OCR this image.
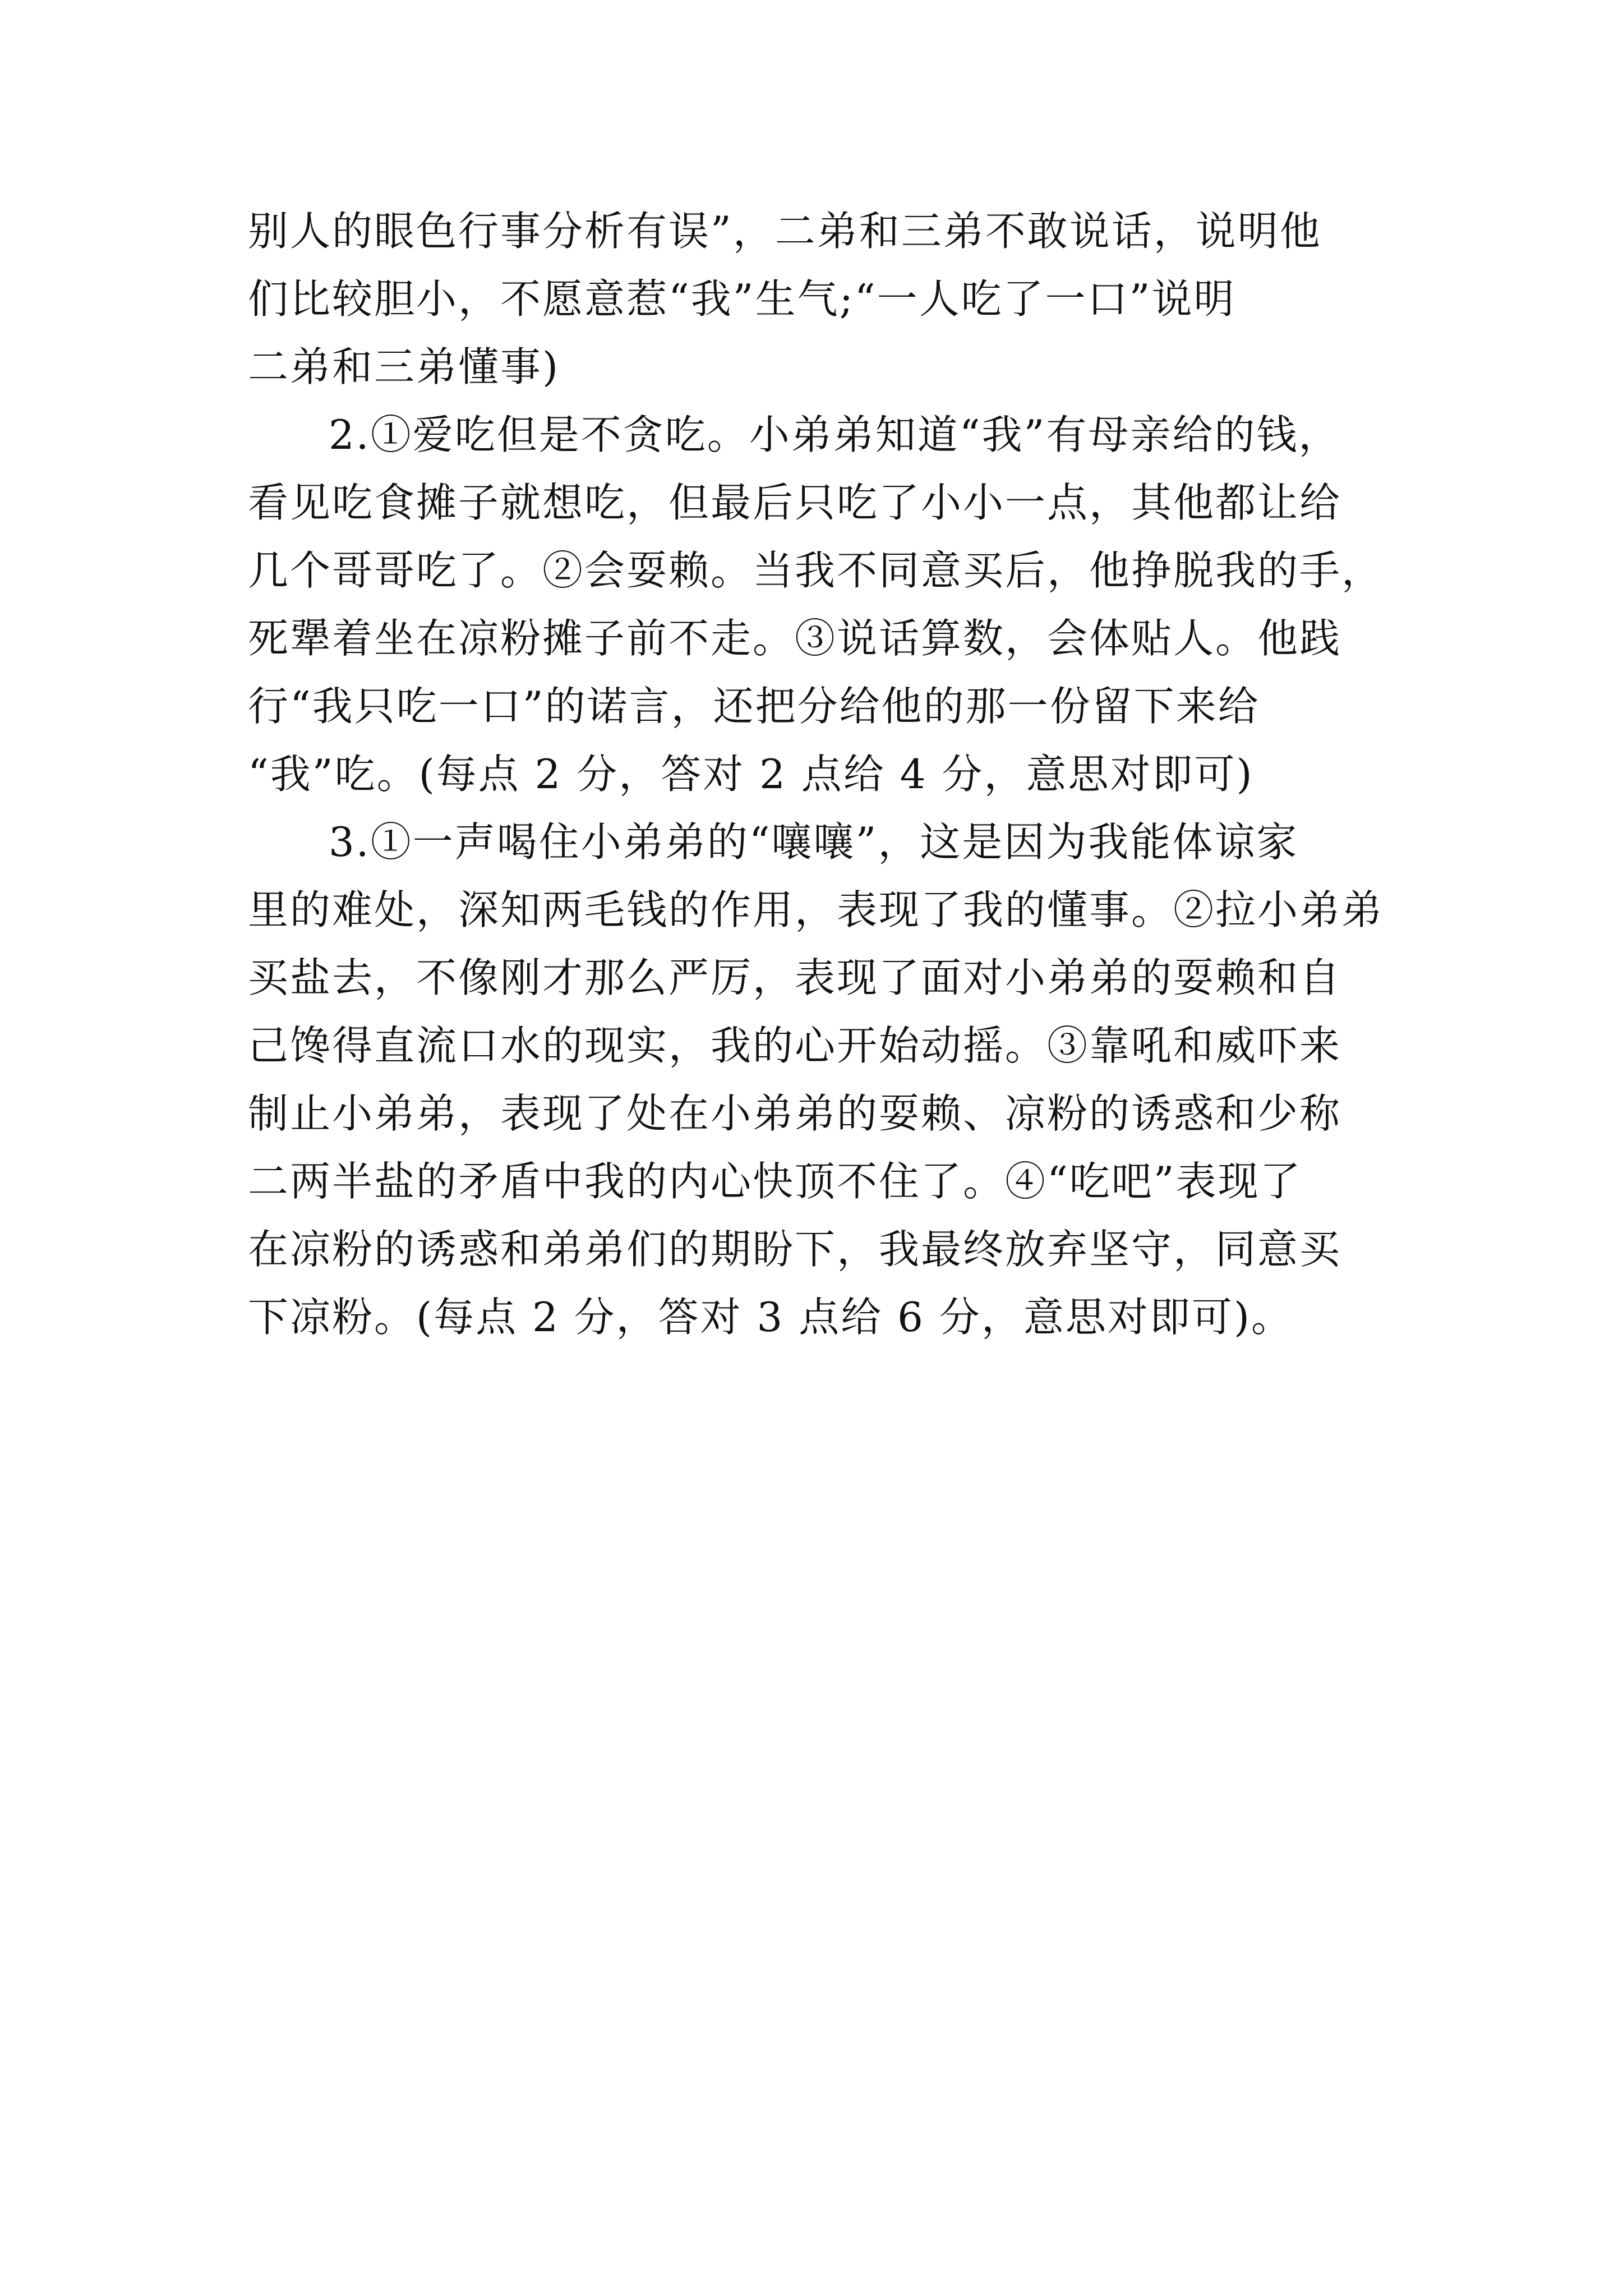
别人的眼色行事分析有误”，二弟和三弟不敢说话，说明他
们比较胆小，不愿意惹“我”生气;“一人吃了一口”说明
二弟和三弟懂事)

2.①爱吃但是不贪吃。小弟弟知道“我”有母亲给的钱，
看见吃食摊子就想吃，但最后只吃了小小一点，其他都让给
几个哥哥吃了。②会耍赖。当我不同意买后，他挣脱我的手，
死犟着坐在凉粉摊子前不走。③说话算数，会体贴人。他践
行“我只吃一口”的诺言，还把分给他的那一份留下来给
“我”吃。(每点 2 分，答对 2 点给 4 分，意思对即可)

3.①一声喝住小弟弟的“嚷嚷”，这是因为我能体谅家
里的难处，深知两毛钱的作用，表现了我的懂事。②拉小弟弟
买盐去，不像刚才那么严厉，表现了面对小弟弟的耍赖和自
己馋得直流口水的现实，我的心开始动摇。③靠吼和威吓来
制止小弟弟，表现了处在小弟弟的耍赖、凉粉的诱惑和少称
二两半盐的矛盾中我的内心快顶不住了。④“吃吧”表现了
在凉粉的诱惑和弟弟们的期盼下，我最终放弃坚守，同意买
下凉粉。(每点 2 分，答对 3 点给 6 分，意思对即可)。
